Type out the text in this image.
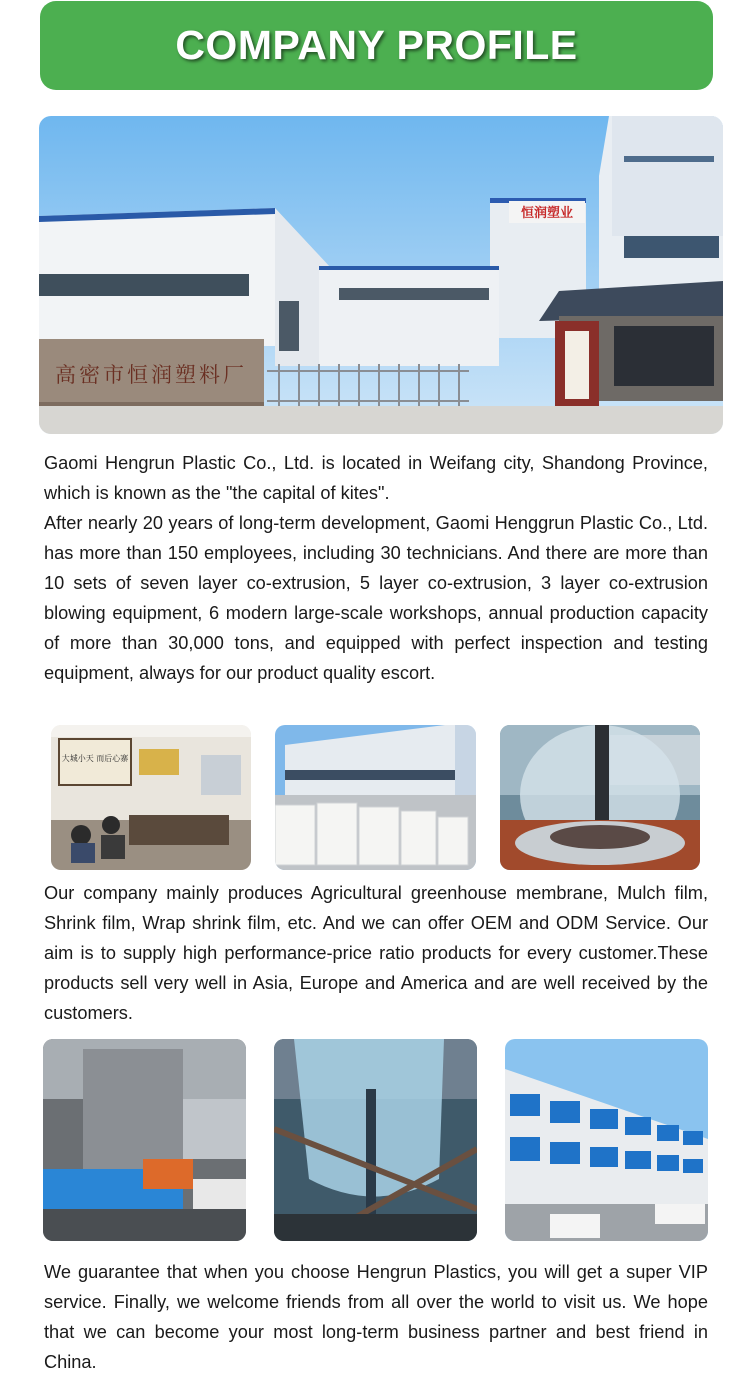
COMPANY PROFILE
恒润塑业
高密市恒润塑料厂

Gaomi Hengrun Plastic Co., Ltd. is located in Weifang city, Shandong Province, which is known as the "the capital of kites".

After nearly 20 years of long-term development, Gaomi Henggrun Plastic Co., Ltd. has more than 150 employees, including 30 technicians. And there are more than 10 sets of seven layer co-extrusion, 5 layer co-extrusion, 3 layer co-extrusion blowing equipment, 6 modern large-scale workshops, annual production capacity of more than 30,000 tons, and equipped with perfect inspection and testing equipment, always for our product quality escort.

大城小天 而后心寨

Our company mainly produces Agricultural greenhouse membrane, Mulch film, Shrink film, Wrap shrink film, etc. And we can offer OEM and ODM Service. Our aim is to supply high performance-price ratio products for every customer.These products sell very well in Asia, Europe and America and are well received by the customers.

We guarantee that when you choose Hengrun Plastics, you will get a super VIP service. Finally, we welcome friends from all over the world to visit us. We hope that we can become your most long-term business partner and best friend in China.
